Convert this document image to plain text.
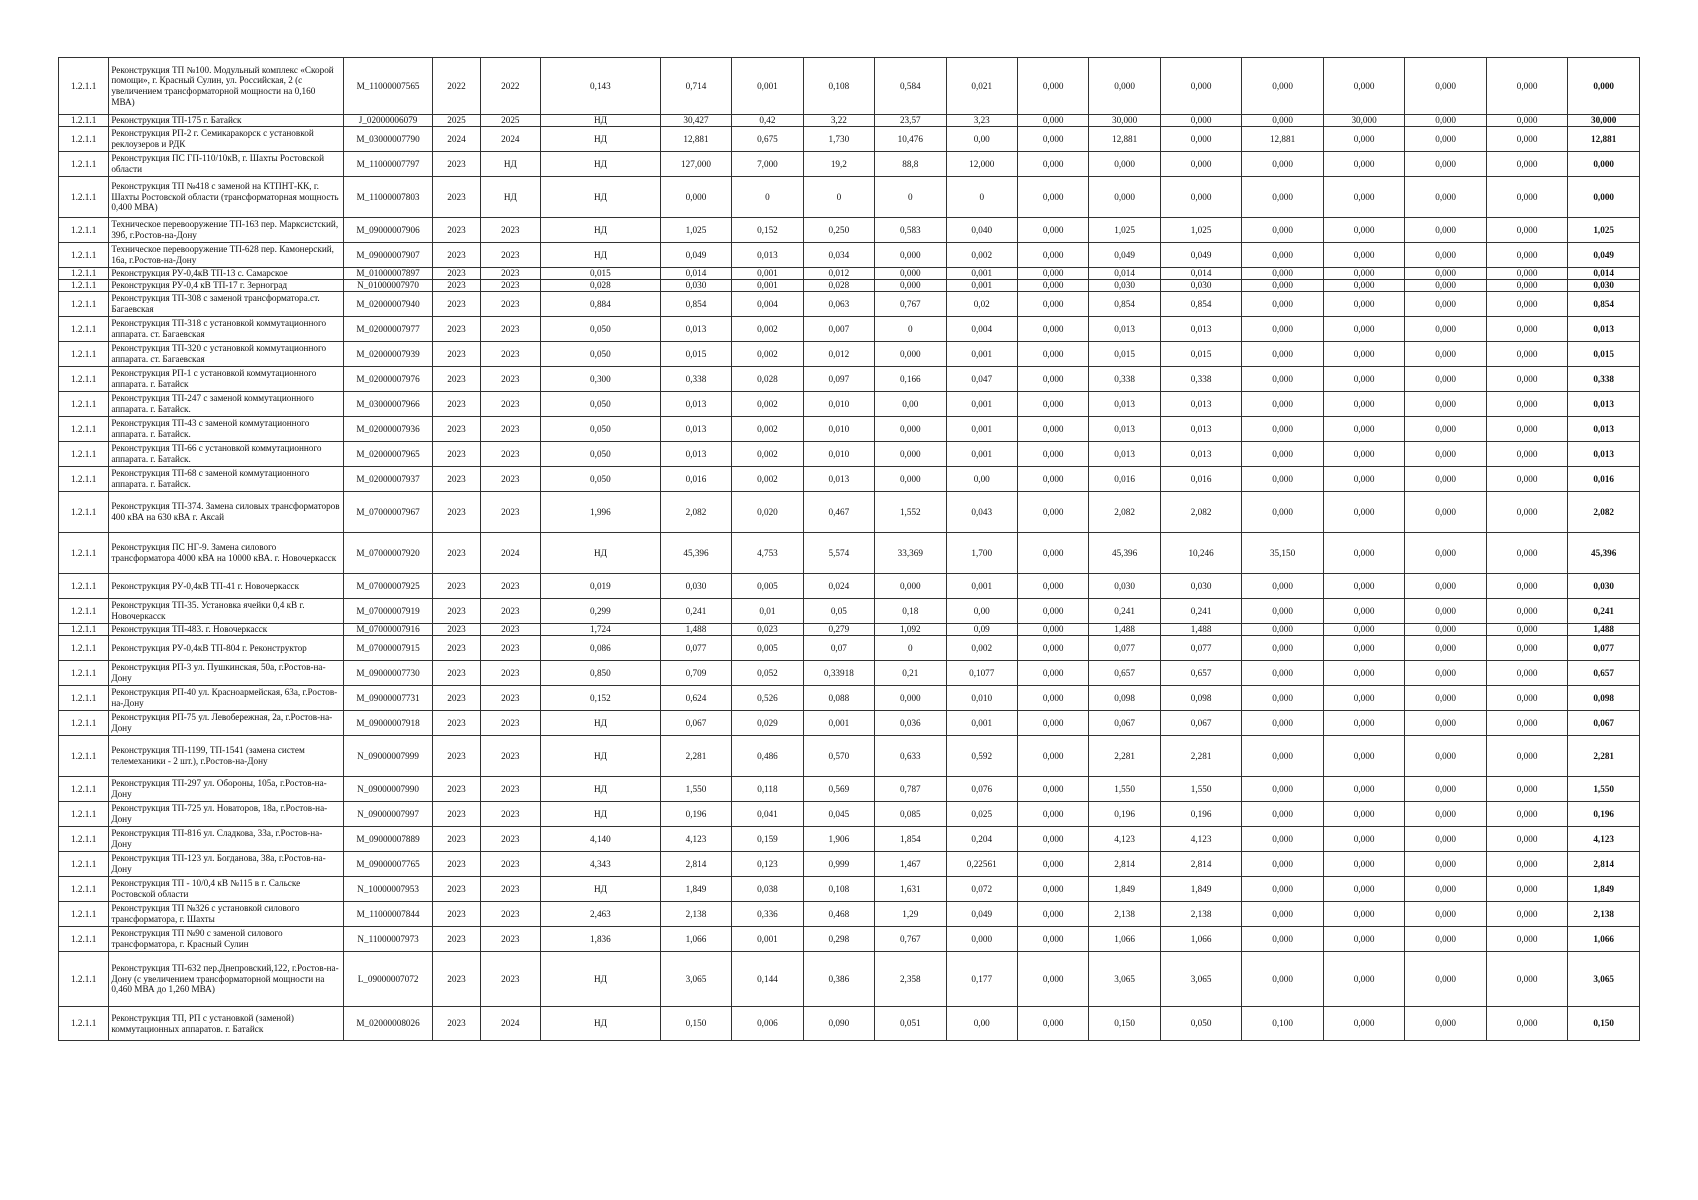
1.2.1.1	Реконструкция ТП №100. Модульный комплекс «Скорой помощи», г. Красный Сулин, ул. Российская, 2 (с увеличением трансформаторной мощности на 0,160 МВА)	M_11000007565	2022	2022	0,143	0,714	0,001	0,108	0,584	0,021	0,000	0,000	0,000	0,000	0,000	0,000	0,000	0,000
1.2.1.1	Реконструкция ТП-175 г. Батайск	J_02000006079	2025	2025	НД	30,427	0,42	3,22	23,57	3,23	0,000	30,000	0,000	0,000	30,000	0,000	0,000	30,000
1.2.1.1	Реконструкция РП-2 г. Семикаракорск с установкой реклоузеров и РДК	M_03000007790	2024	2024	НД	12,881	0,675	1,730	10,476	0,00	0,000	12,881	0,000	12,881	0,000	0,000	0,000	12,881
1.2.1.1	Реконструкция ПС ГП-110/10кВ, г. Шахты Ростовской области	M_11000007797	2023	НД	НД	127,000	7,000	19,2	88,8	12,000	0,000	0,000	0,000	0,000	0,000	0,000	0,000	0,000
1.2.1.1	Реконструкция ТП №418 с заменой на КТПНТ-КК, г. Шахты Ростовской области (трансформаторная мощность 0,400 МВА)	M_11000007803	2023	НД	НД	0,000	0	0	0	0	0,000	0,000	0,000	0,000	0,000	0,000	0,000	0,000
1.2.1.1	Техническое перевооружение ТП-163 пер. Марксистский, 39б, г.Ростов-на-Дону	M_09000007906	2023	2023	НД	1,025	0,152	0,250	0,583	0,040	0,000	1,025	1,025	0,000	0,000	0,000	0,000	1,025
1.2.1.1	Техническое перевооружение ТП-628 пер. Камонерский, 16а, г.Ростов-на-Дону	M_09000007907	2023	2023	НД	0,049	0,013	0,034	0,000	0,002	0,000	0,049	0,049	0,000	0,000	0,000	0,000	0,049
1.2.1.1	Реконструкция РУ-0,4кВ ТП-13 с. Самарское	M_01000007897	2023	2023	0,015	0,014	0,001	0,012	0,000	0,001	0,000	0,014	0,014	0,000	0,000	0,000	0,000	0,014
1.2.1.1	Реконструкция РУ-0,4 кВ ТП-17 г. Зерноград	N_01000007970	2023	2023	0,028	0,030	0,001	0,028	0,000	0,001	0,000	0,030	0,030	0,000	0,000	0,000	0,000	0,030
1.2.1.1	Реконструкция ТП-308 с заменой трансформатора.ст. Багаевская	M_02000007940	2023	2023	0,884	0,854	0,004	0,063	0,767	0,02	0,000	0,854	0,854	0,000	0,000	0,000	0,000	0,854
1.2.1.1	Реконструкция ТП-318 с установкой коммутационного аппарата. ст. Багаевская	M_02000007977	2023	2023	0,050	0,013	0,002	0,007	0	0,004	0,000	0,013	0,013	0,000	0,000	0,000	0,000	0,013
1.2.1.1	Реконструкция ТП-320 с установкой коммутационного аппарата. ст. Багаевская	M_02000007939	2023	2023	0,050	0,015	0,002	0,012	0,000	0,001	0,000	0,015	0,015	0,000	0,000	0,000	0,000	0,015
1.2.1.1	Реконструкция РП-1 с установкой коммутационного аппарата. г. Батайск	M_02000007976	2023	2023	0,300	0,338	0,028	0,097	0,166	0,047	0,000	0,338	0,338	0,000	0,000	0,000	0,000	0,338
1.2.1.1	Реконструкция ТП-247 с заменой коммутационного аппарата. г. Батайск.	M_03000007966	2023	2023	0,050	0,013	0,002	0,010	0,00	0,001	0,000	0,013	0,013	0,000	0,000	0,000	0,000	0,013
1.2.1.1	Реконструкция ТП-43 с заменой коммутационного аппарата. г. Батайск.	M_02000007936	2023	2023	0,050	0,013	0,002	0,010	0,000	0,001	0,000	0,013	0,013	0,000	0,000	0,000	0,000	0,013
1.2.1.1	Реконструкция ТП-66 с установкой коммутационного аппарата. г. Батайск.	M_02000007965	2023	2023	0,050	0,013	0,002	0,010	0,000	0,001	0,000	0,013	0,013	0,000	0,000	0,000	0,000	0,013
1.2.1.1	Реконструкция ТП-68 с заменой коммутационного аппарата. г. Батайск.	M_02000007937	2023	2023	0,050	0,016	0,002	0,013	0,000	0,00	0,000	0,016	0,016	0,000	0,000	0,000	0,000	0,016
1.2.1.1	Реконструкция ТП-374. Замена силовых трансформаторов 400 кВА на 630 кВА г. Аксай	M_07000007967	2023	2023	1,996	2,082	0,020	0,467	1,552	0,043	0,000	2,082	2,082	0,000	0,000	0,000	0,000	2,082
1.2.1.1	Реконструкция ПС НГ-9. Замена силового трансформатора 4000 кВА на 10000 кВА. г. Новочеркасск	M_07000007920	2023	2024	НД	45,396	4,753	5,574	33,369	1,700	0,000	45,396	10,246	35,150	0,000	0,000	0,000	45,396
1.2.1.1	Реконструкция РУ-0,4кВ ТП-41 г. Новочеркасск	M_07000007925	2023	2023	0,019	0,030	0,005	0,024	0,000	0,001	0,000	0,030	0,030	0,000	0,000	0,000	0,000	0,030
1.2.1.1	Реконструкция ТП-35. Установка ячейки 0,4 кВ г. Новочеркасск	M_07000007919	2023	2023	0,299	0,241	0,01	0,05	0,18	0,00	0,000	0,241	0,241	0,000	0,000	0,000	0,000	0,241
1.2.1.1	Реконструкция ТП-483. г. Новочеркасск	M_07000007916	2023	2023	1,724	1,488	0,023	0,279	1,092	0,09	0,000	1,488	1,488	0,000	0,000	0,000	0,000	1,488
1.2.1.1	Реконструкция РУ-0,4кВ ТП-804 г. Реконструктор	M_07000007915	2023	2023	0,086	0,077	0,005	0,07	0	0,002	0,000	0,077	0,077	0,000	0,000	0,000	0,000	0,077
1.2.1.1	Реконструкция РП-3 ул. Пушкинская, 50а, г.Ростов-на-Дону	M_09000007730	2023	2023	0,850	0,709	0,052	0,33918	0,21	0,1077	0,000	0,657	0,657	0,000	0,000	0,000	0,000	0,657
1.2.1.1	Реконструкция РП-40 ул. Красноармейская, 63а, г.Ростов-на-Дону	M_09000007731	2023	2023	0,152	0,624	0,526	0,088	0,000	0,010	0,000	0,098	0,098	0,000	0,000	0,000	0,000	0,098
1.2.1.1	Реконструкция РП-75 ул. Левобережная, 2а, г.Ростов-на-Дону	M_09000007918	2023	2023	НД	0,067	0,029	0,001	0,036	0,001	0,000	0,067	0,067	0,000	0,000	0,000	0,000	0,067
1.2.1.1	Реконструкция ТП-1199, ТП-1541 (замена систем телемеханики - 2 шт.), г.Ростов-на-Дону	N_09000007999	2023	2023	НД	2,281	0,486	0,570	0,633	0,592	0,000	2,281	2,281	0,000	0,000	0,000	0,000	2,281
1.2.1.1	Реконструкция ТП-297 ул. Обороны, 105а, г.Ростов-на-Дону	N_09000007990	2023	2023	НД	1,550	0,118	0,569	0,787	0,076	0,000	1,550	1,550	0,000	0,000	0,000	0,000	1,550
1.2.1.1	Реконструкция ТП-725 ул. Новаторов, 18а, г.Ростов-на-Дону	N_09000007997	2023	2023	НД	0,196	0,041	0,045	0,085	0,025	0,000	0,196	0,196	0,000	0,000	0,000	0,000	0,196
1.2.1.1	Реконструкция ТП-816 ул. Сладкова, 33а, г.Ростов-на-Дону	M_09000007889	2023	2023	4,140	4,123	0,159	1,906	1,854	0,204	0,000	4,123	4,123	0,000	0,000	0,000	0,000	4,123
1.2.1.1	Реконструкция ТП-123 ул. Богданова, 38а, г.Ростов-на-Дону	M_09000007765	2023	2023	4,343	2,814	0,123	0,999	1,467	0,22561	0,000	2,814	2,814	0,000	0,000	0,000	0,000	2,814
1.2.1.1	Реконструкция ТП - 10/0,4 кВ №115 в г. Сальске Ростовской области	N_10000007953	2023	2023	НД	1,849	0,038	0,108	1,631	0,072	0,000	1,849	1,849	0,000	0,000	0,000	0,000	1,849
1.2.1.1	Реконструкция ТП №326 с установкой силового трансформатора, г. Шахты	M_11000007844	2023	2023	2,463	2,138	0,336	0,468	1,29	0,049	0,000	2,138	2,138	0,000	0,000	0,000	0,000	2,138
1.2.1.1	Реконструкция ТП №90 с заменой силового трансформатора, г. Красный Сулин	N_11000007973	2023	2023	1,836	1,066	0,001	0,298	0,767	0,000	0,000	1,066	1,066	0,000	0,000	0,000	0,000	1,066
1.2.1.1	Реконструкция ТП-632 пер.Днепровский,122, г.Ростов-на-Дону (с увеличением трансформаторной мощности на 0,460 МВА до 1,260 МВА)	L_09000007072	2023	2023	НД	3,065	0,144	0,386	2,358	0,177	0,000	3,065	3,065	0,000	0,000	0,000	0,000	3,065
1.2.1.1	Реконструкция ТП, РП с установкой (заменой) коммутационных аппаратов. г. Батайск	M_02000008026	2023	2024	НД	0,150	0,006	0,090	0,051	0,00	0,000	0,150	0,050	0,100	0,000	0,000	0,000	0,150
